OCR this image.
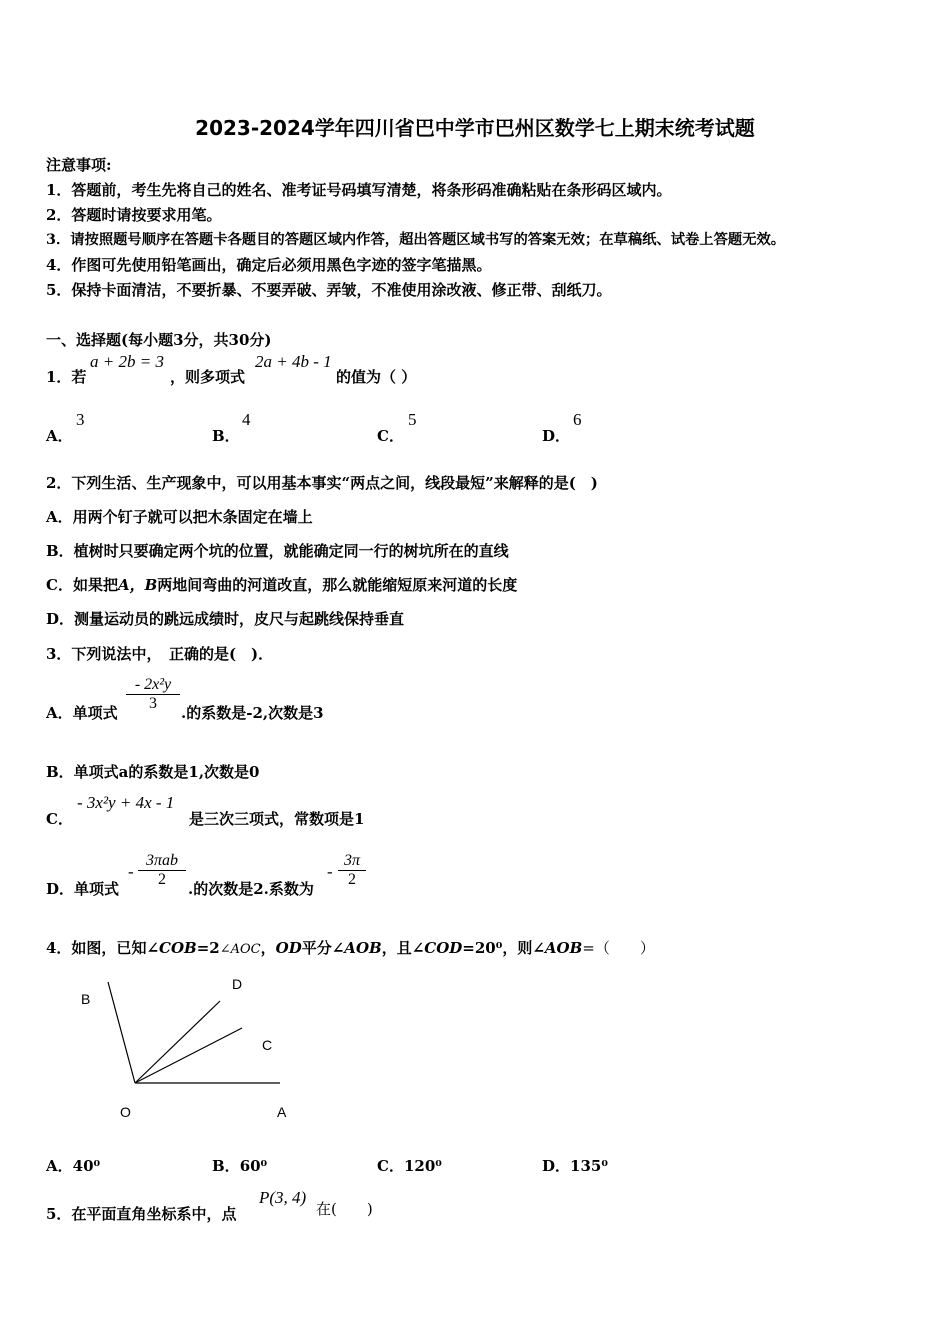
2023-2024学年四川省巴中学市巴州区数学七上期末统考试题
注意事项:
1．答题前，考生先将自己的姓名、准考证号码填写清楚，将条形码准确粘贴在条形码区域内。
2．答题时请按要求用笔。
3．请按照题号顺序在答题卡各题目的答题区域内作答，超出答题区域书写的答案无效；在草稿纸、试卷上答题无效。
4．作图可先使用铅笔画出，确定后必须用黑色字迹的签字笔描黑。
5．保持卡面清洁，不要折暴、不要弄破、弄皱，不准使用涂改液、修正带、刮纸刀。
一、选择题(每小题3分，共30分)
1．若
a + 2b = 3
，则多项式
2a + 4b - 1
的值为（ ）
A．
3
B．
4
C．
5
D．
6
2．下列生活、生产现象中，可以用基本事实“两点之间，线段最短”来解释的是(　)
A．用两个钉子就可以把木条固定在墙上
B．植树时只要确定两个坑的位置，就能确定同一行的树坑所在的直线
C．如果把A，B两地间弯曲的河道改直，那么就能缩短原来河道的长度
D．测量运动员的跳远成绩时，皮尺与起跳线保持垂直
3．下列说法中，　正确的是(　)．
A．单项式
- 2x²y
3
.的系数是-2,次数是3
B．单项式a的系数是1,次数是0
C．
- 3x²y + 4x - 1
是三次三项式，常数项是1
D．单项式
-
3πab
2
.的次数是2.系数为
-
3π
2
4．如图，已知∠COB=2∠AOC，OD平分∠AOB，且∠COD=20⁰，则∠AOB=（　　）
B
D
C
O	A
A．40⁰	B．60⁰	C．120⁰	D．135⁰
5．在平面直角坐标系中，点
P(3, 4)
在(　　)
